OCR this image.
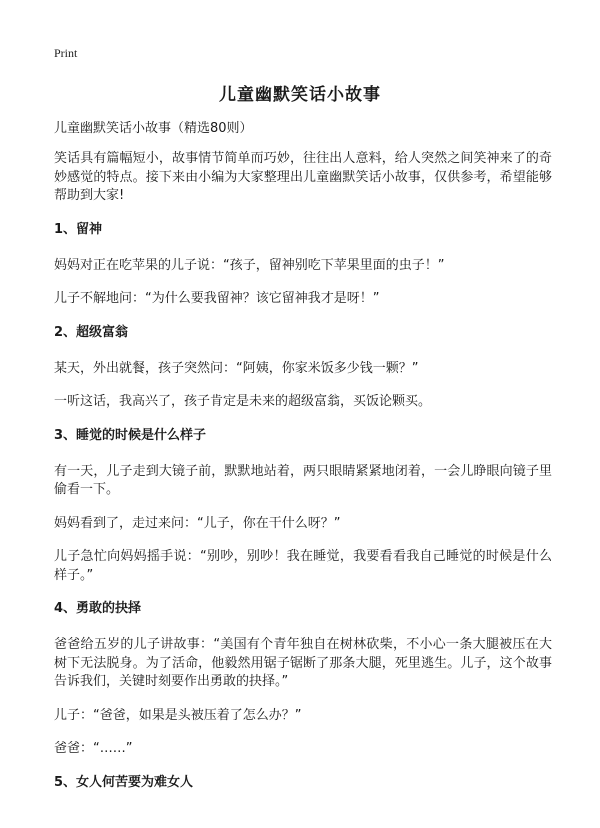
Print
儿童幽默笑话小故事
儿童幽默笑话小故事（精选80则）

笑话具有篇幅短小，故事情节简单而巧妙，往往出人意料，给人突然之间笑神来了的奇妙感觉的特点。接下来由小编为大家整理出儿童幽默笑话小故事，仅供参考，希望能够帮助到大家!

1、留神

妈妈对正在吃苹果的儿子说：“孩子，留神别吃下苹果里面的虫子！”

儿子不解地问：“为什么要我留神？该它留神我才是呀！”

2、超级富翁

某天，外出就餐，孩子突然问：“阿姨，你家米饭多少钱一颗？”

一听这话，我高兴了，孩子肯定是未来的超级富翁，买饭论颗买。

3、睡觉的时候是什么样子

有一天，儿子走到大镜子前，默默地站着，两只眼睛紧紧地闭着，一会儿睁眼向镜子里偷看一下。

妈妈看到了，走过来问：“儿子，你在干什么呀？”

儿子急忙向妈妈摇手说：“别吵，别吵！我在睡觉，我要看看我自己睡觉的时候是什么样子。”

4、勇敢的抉择

爸爸给五岁的儿子讲故事：“美国有个青年独自在树林砍柴，不小心一条大腿被压在大树下无法脱身。为了活命，他毅然用锯子锯断了那条大腿，死里逃生。儿子，这个故事告诉我们，关键时刻要作出勇敢的抉择。”

儿子：“爸爸，如果是头被压着了怎么办？”

爸爸：“……”

5、女人何苦要为难女人
